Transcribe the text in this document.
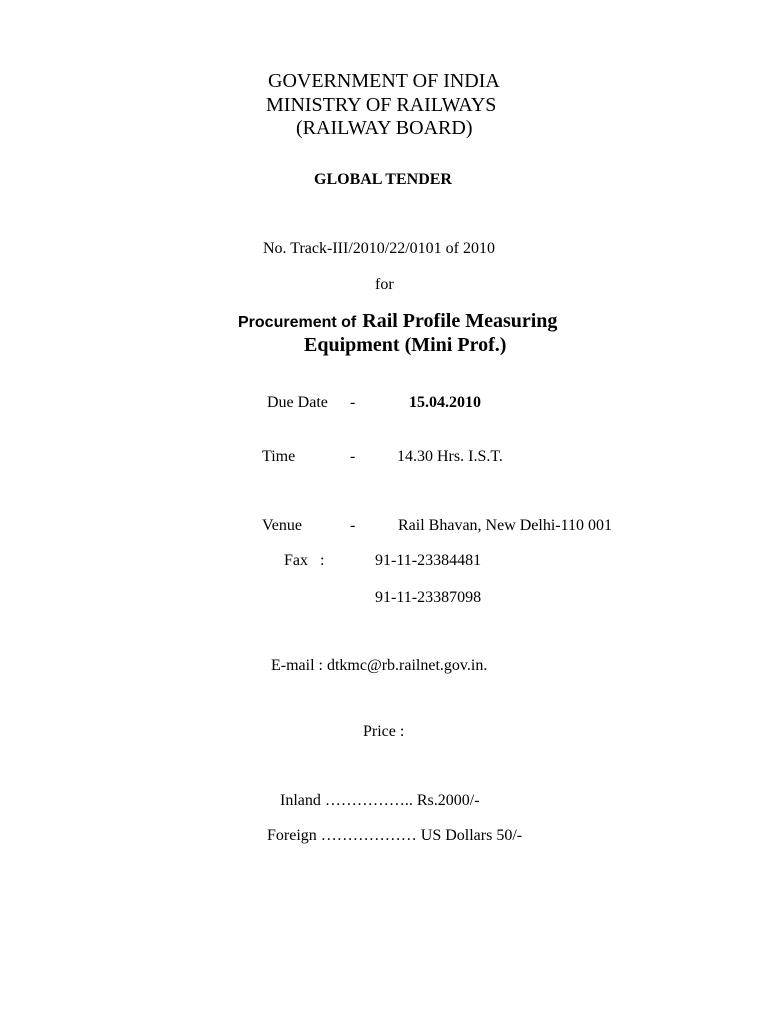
GOVERNMENT OF INDIA
MINISTRY OF RAILWAYS
(RAILWAY BOARD)
GLOBAL TENDER
No. Track-III/2010/22/0101 of 2010
for
Procurement of Rail Profile Measuring
Equipment (Mini Prof.)
Due Date -	15.04.2010
Time	-	14.30 Hrs. I.S.T.
Venue	-	Rail Bhavan, New Delhi-110 001
Fax   :	91-11-23384481
91-11-23387098
E-mail : dtkmc@rb.railnet.gov.in.
Price :
Inland …………….. Rs.2000/-
Foreign ……………… US Dollars 50/-
